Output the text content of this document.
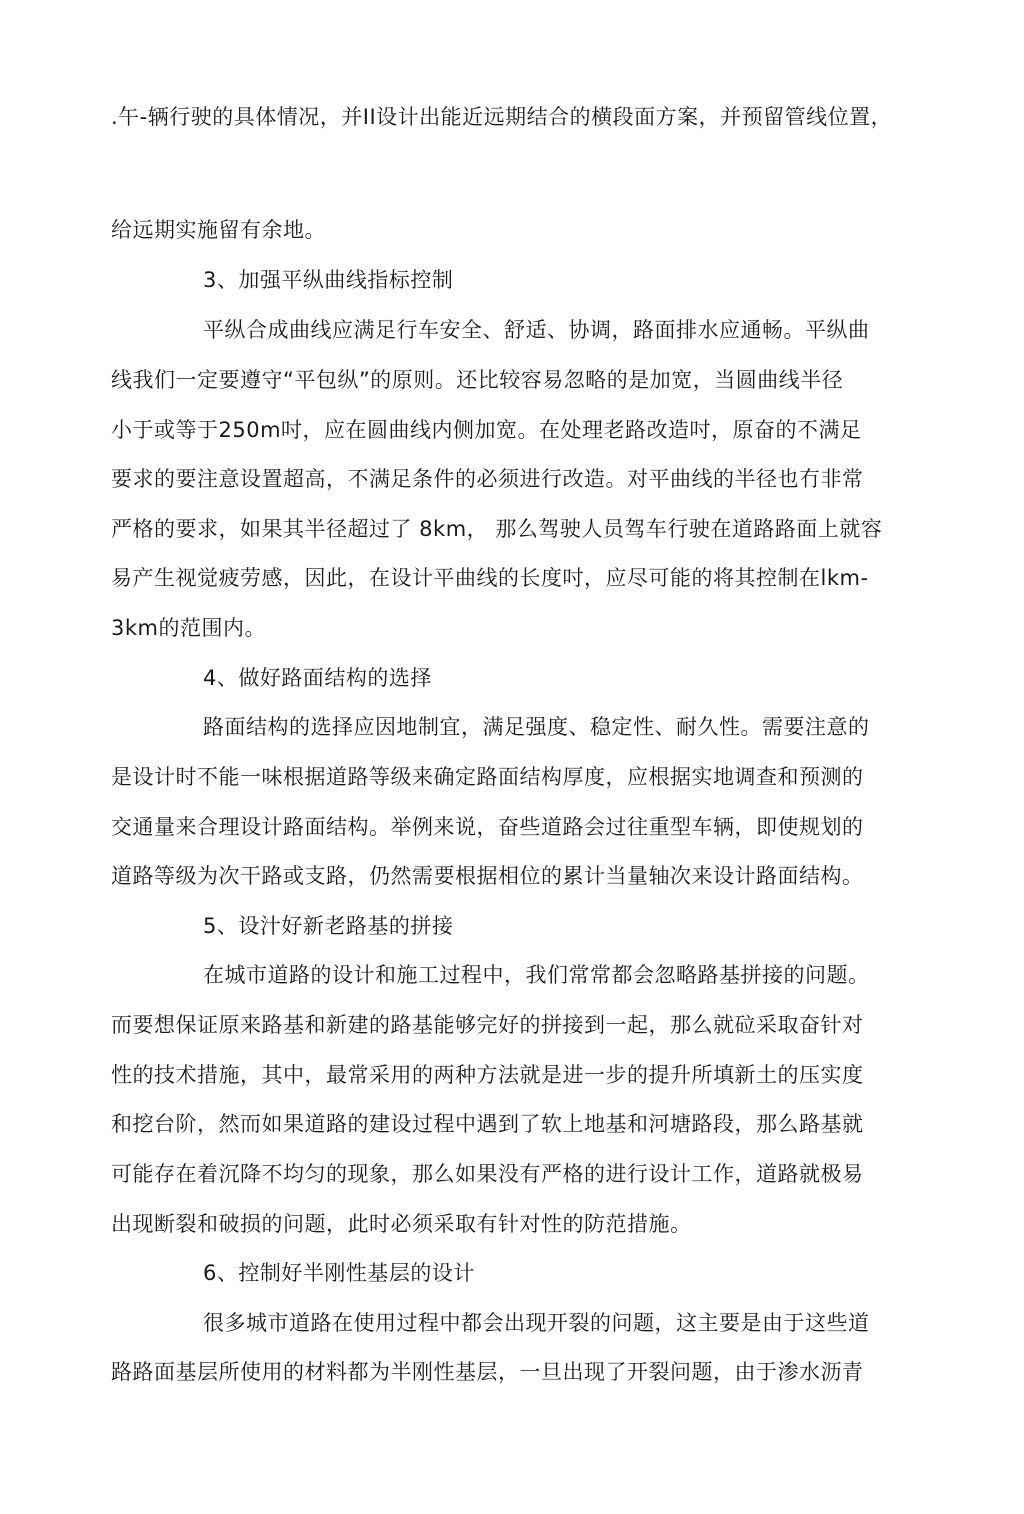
.午-辆行驶的具体情况，并II设计出能近远期结合的横段面方案，并预留管线位置，
给远期实施留有余地。
3、加强平纵曲线指标控制
平纵合成曲线应满足行车安全、舒适、协调，路面排水应通畅。平纵曲
线我们一定要遵守“平包纵”的原则。还比较容易忽略的是加宽，当圆曲线半径
小于或等于250m吋，应在圆曲线内侧加宽。在处理老路改造吋，原奋的不满足
要求的要注意设置超高，不满足条件的必须进行改造。对平曲线的半径也冇非常
严格的要求，如果其半径超过了 8km， 那么驾驶人员驾车行驶在道路路面上就容
易产生视觉疲劳感，因此，在设计平曲线的长度吋，应尽可能的将其控制在lkm-
3km的范围内。
4、做好路面结构的选择
路面结构的选择应因地制宜，满足强度、稳定性、耐久性。需要注意的
是设计时不能一味根据道路等级来确定路面结构厚度，应根据实地调查和预测的
交通量来合理设计路面结构。举例来说，奋些道路会过往重型车辆，即使规划的
道路等级为次干路或支路，仍然需要根据相位的累计当量轴次来设计路面结构。
5、设汁好新老路基的拼接
在城市道路的设计和施工过程中，我们常常都会忽略路基拼接的问题。
而要想保证原来路基和新建的路基能够完好的拼接到一起，那么就砬采取奋针对
性的技术措施，其中，最常采用的两种方法就是进一步的提升所填新土的压实度
和挖台阶，然而如果道路的建设过程中遇到了软上地基和河塘路段，那么路基就
可能存在着沉降不均匀的现象，那么如果没有严格的进行设计工作，道路就极易
出现断裂和破损的问题，此时必须采取有针对性的防范措施。
6、控制好半刚性基层的设计
很多城市道路在使用过程中都会出现开裂的问题，这主要是由于这些道
路路面基层所使用的材料都为半刚性基层，一旦出现了开裂问题，由于渗水沥青
